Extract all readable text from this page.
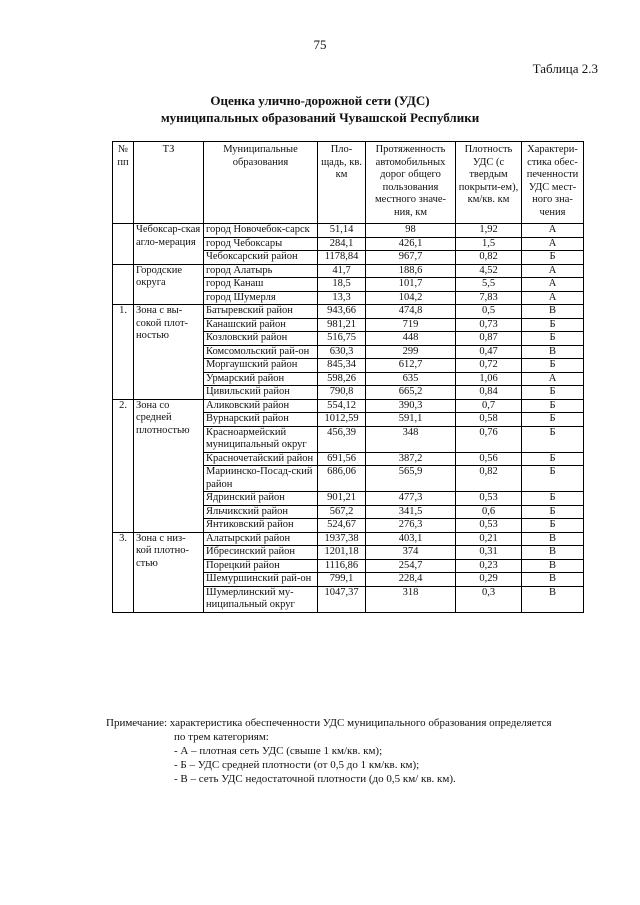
75
Таблица 2.3
Оценка улично-дорожной сети (УДС)
муниципальных образований Чувашской Республики
№ пп	ТЗ	Муниципальные образования	Пло-щадь, кв. км	Протяженность автомобильных дорог общего пользования местного значе-ния, км	Плотность УДС (с твердым покрыти-ем), км/кв. км	Характери-стика обес-печенности УДС мест-ного зна-чения
	Чебоксар-ская агло-мерация	город Новочебок-сарск	51,14	98	1,92	А
		город Чебоксары	284,1	426,1	1,5	А
		Чебоксарский район	1178,84	967,7	0,82	Б
	Городские округа	город Алатырь	41,7	188,6	4,52	А
		город Канаш	18,5	101,7	5,5	А
		город Шумерля	13,3	104,2	7,83	А
1.	Зона с вы-сокой плот-ностью	Батыревский район	943,66	474,8	0,5	В
		Канашский район	981,21	719	0,73	Б
		Козловский район	516,75	448	0,87	Б
		Комсомольский рай-он	630,3	299	0,47	В
		Моргаушский район	845,34	612,7	0,72	Б
		Урмарский район	598,26	635	1,06	А
		Цивильский район	790,8	665,2	0,84	Б
2.	Зона со средней плотностью	Аликовский район	554,12	390,3	0,7	Б
		Вурнарский район	1012,59	591,1	0,58	Б
		Красноармейский муниципальный округ	456,39	348	0,76	Б
		Красночетайский район	691,56	387,2	0,56	Б
		Мариинско-Посад-ский район	686,06	565,9	0,82	Б
		Ядринский район	901,21	477,3	0,53	Б
		Яльчикский район	567,2	341,5	0,6	Б
		Янтиковский район	524,67	276,3	0,53	Б
3.	Зона с низ-кой плотно-стью	Алатырский район	1937,38	403,1	0,21	В
		Ибресинский район	1201,18	374	0,31	В
		Порецкий район	1116,86	254,7	0,23	В
		Шемуршинский рай-он	799,1	228,4	0,29	В
		Шумерлинский му-ниципальный округ	1047,37	318	0,3	В
Примечание: характеристика обеспеченности УДС муниципального образования определяется
по трем категориям:
- А – плотная сеть УДС (свыше 1 км/кв. км);
- Б – УДС средней плотности (от 0,5 до 1 км/кв. км);
- В – сеть УДС недостаточной плотности (до 0,5 км/ кв. км).
